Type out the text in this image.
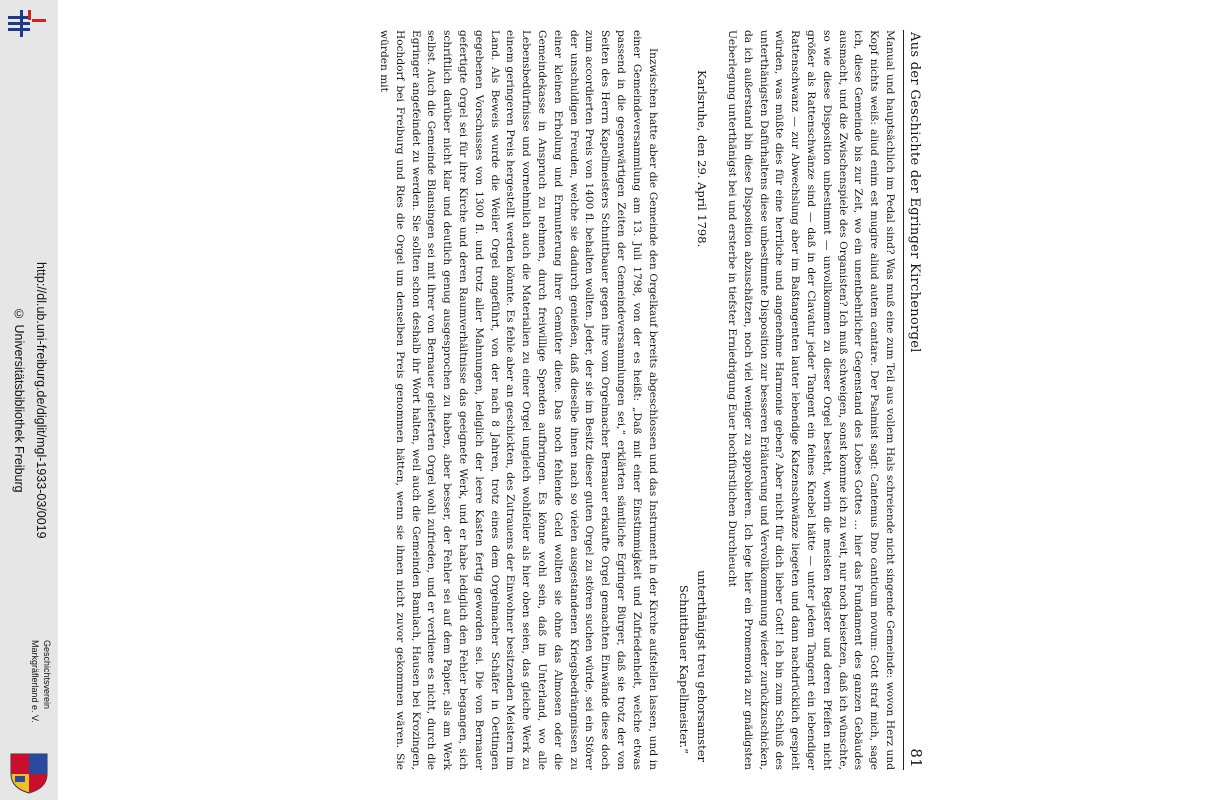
http://dl.ub.uni-freiburg.de/diglit/mgl-1933-03/0019
© Universitätsbibliothek Freiburg
Geschichtsverein
Markgräflerland e. V.
Aus der Geschichte der Egringer Kirchenorgel
81

Manual und hauptsächlich im Pedal sind? Was muß eine zum Teil aus vollem Hals schreiende nicht singende Gemeinde: wovon Herz und Kopf nichts weiß: aliud enim est mugire aliud autem cantare. Der Psalmist sagt: Cantemus Dno canticum novum: Gott straf mich, sage ich, diese Gemeinde bis zur Zeit, wo ein unentbehrlicher Gegenstand des Lobes Gottes … hier das Fundament des ganzen Gebäudes ausmacht, und die Zwischenspiele des Organisten? Ich muß schweigen, sonst komme ich zu weit, nur noch beisetzen, daß ich wünschte, so wie diese Disposition unbestimmt — unvollkommen zu dieser Orgel besteht, worin die meisten Register und deren Pfeifen nicht größer als Rattenschwänze sind — daß in der Clavatur jeder Tangent ein feines Knebel hätte — unter jedem Tangent ein lebendiger Rattenschwanz — zur Abwechslung aber im Baßtangenten lauter lebendige Katzenschwänze liegeten und dann nachdrücklich gespielt würden, was müßte dies für eine herrliche und angenehme Harmonie geben? Aber nicht für dich lieber Gott! Ich bin zum Schluß des unterthänigsten Dafürhaltens diese unbestimmte Disposition zur besseren Erläuterung und Vervollkommnung wieder zurückzuschicken, da ich außerstand bin diese Disposition abzuschätzen, noch viel weniger zu approbieren. Ich lege hier ein Promemoria zur gnädigsten Ueberlegung unterthänigst bei und ersterbe in tiefster Erniedrigung Euer hochfürstlichen Durchleucht

Karlsruhe, den 29. April 1798.
unterthänigst treu gehorsamster
Schnittbauer Kapellmeister.“

Inzwischen hatte aber die Gemeinde den Orgelkauf bereits abgeschlossen und das Instrument in der Kirche aufstellen lassen, und in einer Gemeindeversammlung am 13. Juli 1798, von der es heißt: „Daß mit einer Einstimmigkeit und Zufriedenheit, welche etwas passend in die gegenwärtigen Zeiten der Gemeindeversammlungen sei,“ erklärten sämtliche Egringer Bürger, daß sie trotz der von Seiten des Herrn Kapellmeisters Schnittbauer gegen ihre vom Orgelmacher Bernauer erkaufte Orgel gemachten Einwände diese doch zum accordierten Preis von 1400 fl. behalten wollten. Jeder, der sie im Besitz dieser guten Orgel zu stören suchen würde, sei ein Störer der unschuldigen Freuden, welche sie dadurch genießen, daß dieselbe ihnen nach so vielen ausgestandenen Kriegsbedrängnissen zu einer kleinen Erholung und Ermunterung ihrer Gemüter diene. Das noch fehlende Geld wollten sie ohne das Almosen oder die Gemeindekasse in Anspruch zu nehmen, durch freiwillige Spenden aufbringen. Es könne wohl sein, daß im Unterland, wo alle Lebensbedürfnisse und vornehmlich auch die Materialien zu einer Orgel ungleich wohlfeiler als hier oben seien, das gleiche Werk zu einem geringeren Preis hergestellt werden könnte. Es fehle aber an geschickten, des Zutrauens der Einwohner besitzenden Meistern im Land. Als Beweis wurde die Weiler Orgel angeführt, von der nach 8 Jahren, trotz eines dem Orgelmacher Schäfer in Oettingen gegebenen Vorschusses von 1300 fl. und trotz aller Mahnungen, lediglich der leere Kasten fertig geworden sei. Die von Bernauer gefertigte Orgel sei für ihre Kirche und deren Raumverhältnisse das geeignete Werk, und er habe lediglich den Fehler begangen, sich schriftlich darüber nicht klar und deutlich genug ausgesprochen zu haben, aber besser, der Fehler sei auf dem Papier, als am Werk selbst. Auch die Gemeinde Blansingen sei mit ihrer von Bernauer gelieferten Orgel wohl zufrieden, und er verdiene es nicht, durch die Egringer angefeindet zu werden. Sie sollten schon deshalb ihr Wort halten, weil auch die Gemeinden Bamlach, Hausen bei Krozingen, Hochdorf bei Freiburg und Ries die Orgel um denselben Preis genommen hätten, wenn sie ihnen nicht zuvor gekommen wären. Sie würden mit
